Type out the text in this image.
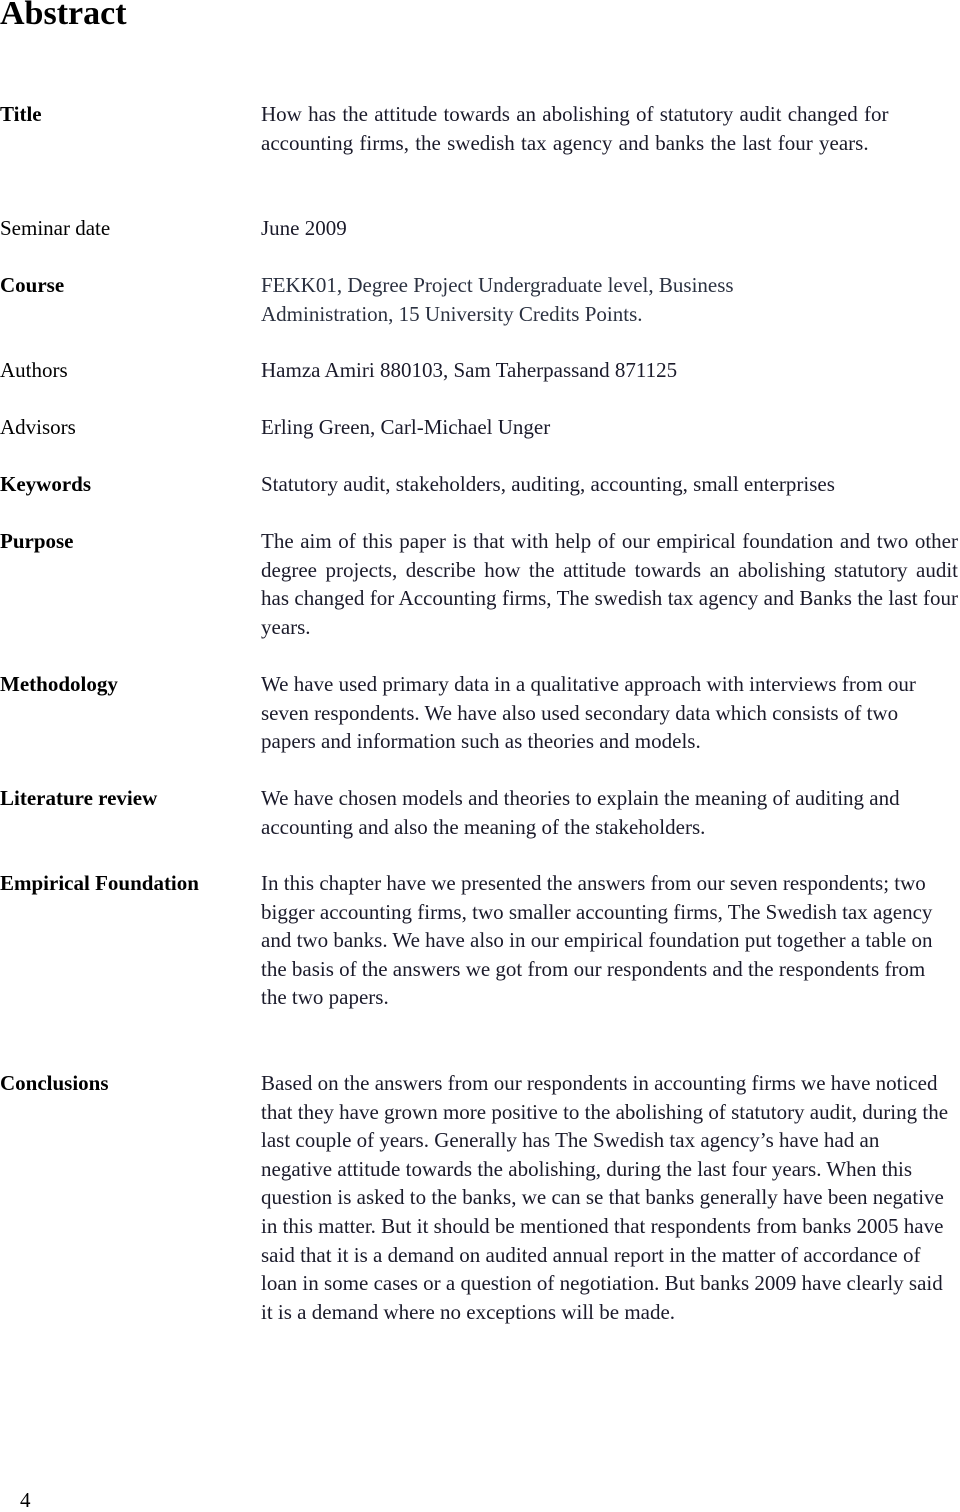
Abstract
Title	How has the attitude towards an abolishing of statutory audit changed for accounting firms, the swedish tax agency and banks the last four years.
Seminar date	June 2009
Course	FEKK01, Degree Project Undergraduate level, Business Administration, 15 University Credits Points.
Authors	Hamza Amiri 880103, Sam Taherpassand 871125
Advisors	Erling Green, Carl-Michael Unger
Keywords	Statutory audit, stakeholders, auditing, accounting, small enterprises
Purpose	The aim of this paper is that with help of our empirical foundation and two other degree projects, describe how the attitude towards an abolishing statutory audit has changed for Accounting firms, The swedish tax agency and Banks the last four years.
Methodology	We have used primary data in a qualitative approach with interviews from our seven respondents. We have also used secondary data which consists of two papers and information such as theories and models.
Literature review	We have chosen models and theories to explain the meaning of auditing and accounting and also the meaning of the stakeholders.
Empirical Foundation	In this chapter have we presented the answers from our seven respondents; two bigger accounting firms, two smaller accounting firms, The Swedish tax agency and two banks. We have also in our empirical foundation put together a table on the basis of the answers we got from our respondents and the respondents from the two papers.
Conclusions	Based on the answers from our respondents in accounting firms we have noticed that they have grown more positive to the abolishing of statutory audit, during the last couple of years. Generally has The Swedish tax agency’s have had an negative attitude towards the abolishing, during the last four years. When this question is asked to the banks, we can se that banks generally have been negative in this matter. But it should be mentioned that respondents from banks 2005 have said that it is a demand on audited annual report in the matter of accordance of loan in some cases or a question of negotiation. But banks 2009 have clearly said it is a demand where no exceptions will be made.
4
